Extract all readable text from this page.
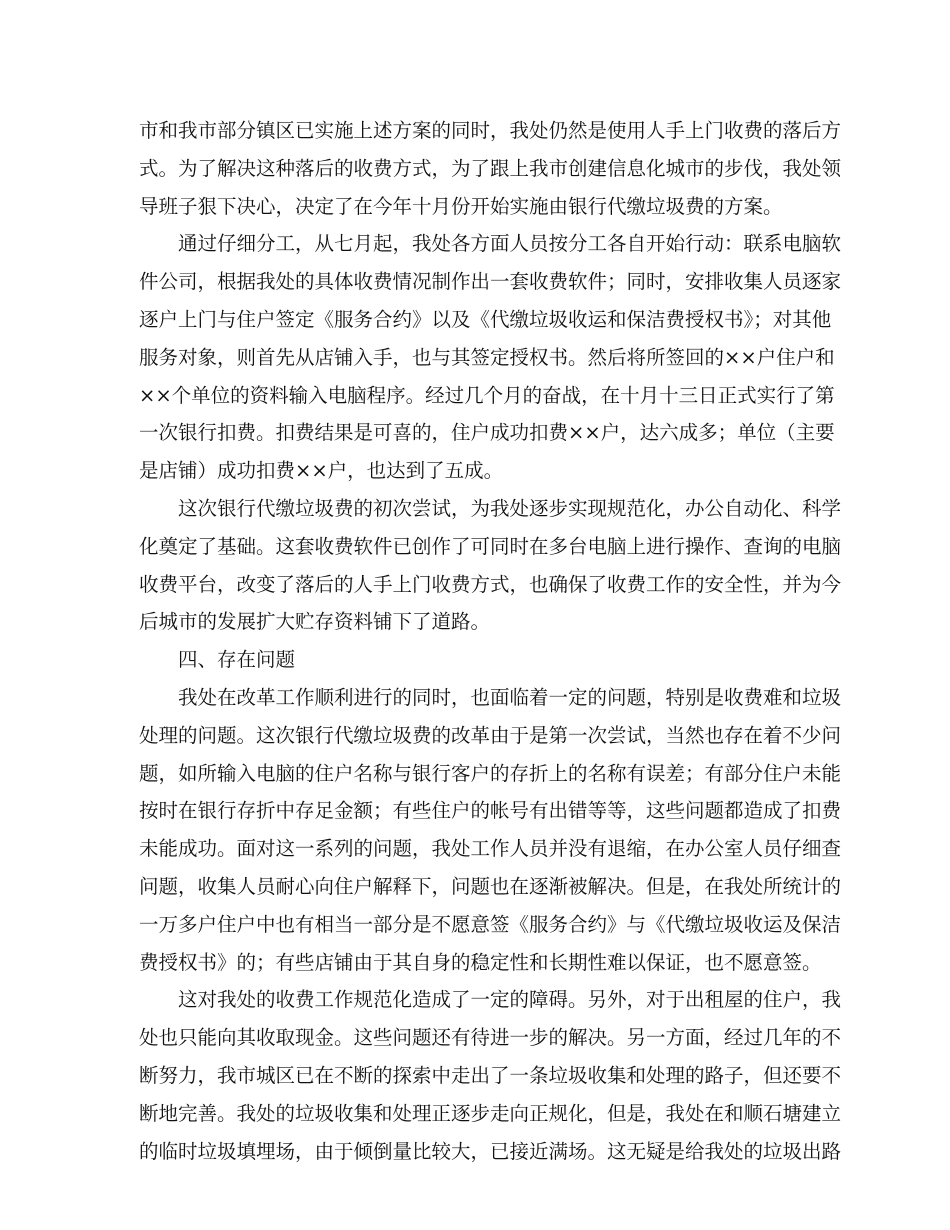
市和我市部分镇区已实施上述方案的同时，我处仍然是使用人手上门收费的落后方
式。为了解决这种落后的收费方式，为了跟上我市创建信息化城市的步伐，我处领
导班子狠下决心，决定了在今年十月份开始实施由银行代缴垃圾费的方案。
通过仔细分工，从七月起，我处各方面人员按分工各自开始行动：联系电脑软
件公司，根据我处的具体收费情况制作出一套收费软件；同时，安排收集人员逐家
逐户上门与住户签定《服务合约》以及《代缴垃圾收运和保洁费授权书》；对其他
服务对象，则首先从店铺入手，也与其签定授权书。然后将所签回的××户住户和
××个单位的资料输入电脑程序。经过几个月的奋战，在十月十三日正式实行了第
一次银行扣费。扣费结果是可喜的，住户成功扣费××户，达六成多；单位（主要
是店铺）成功扣费××户，也达到了五成。
这次银行代缴垃圾费的初次尝试，为我处逐步实现规范化，办公自动化、科学
化奠定了基础。这套收费软件已创作了可同时在多台电脑上进行操作、查询的电脑
收费平台，改变了落后的人手上门收费方式，也确保了收费工作的安全性，并为今
后城市的发展扩大贮存资料铺下了道路。
四、存在问题
我处在改革工作顺利进行的同时，也面临着一定的问题，特别是收费难和垃圾
处理的问题。这次银行代缴垃圾费的改革由于是第一次尝试，当然也存在着不少问
题，如所输入电脑的住户名称与银行客户的存折上的名称有误差；有部分住户未能
按时在银行存折中存足金额；有些住户的帐号有出错等等，这些问题都造成了扣费
未能成功。面对这一系列的问题，我处工作人员并没有退缩，在办公室人员仔细查
问题，收集人员耐心向住户解释下，问题也在逐渐被解决。但是，在我处所统计的
一万多户住户中也有相当一部分是不愿意签《服务合约》与《代缴垃圾收运及保洁
费授权书》的；有些店铺由于其自身的稳定性和长期性难以保证，也不愿意签。
这对我处的收费工作规范化造成了一定的障碍。另外，对于出租屋的住户，我
处也只能向其收取现金。这些问题还有待进一步的解决。另一方面，经过几年的不
断努力，我市城区已在不断的探索中走出了一条垃圾收集和处理的路子，但还要不
断地完善。我处的垃圾收集和处理正逐步走向正规化，但是，我处在和顺石塘建立
的临时垃圾填埋场，由于倾倒量比较大，已接近满场。这无疑是给我处的垃圾出路
